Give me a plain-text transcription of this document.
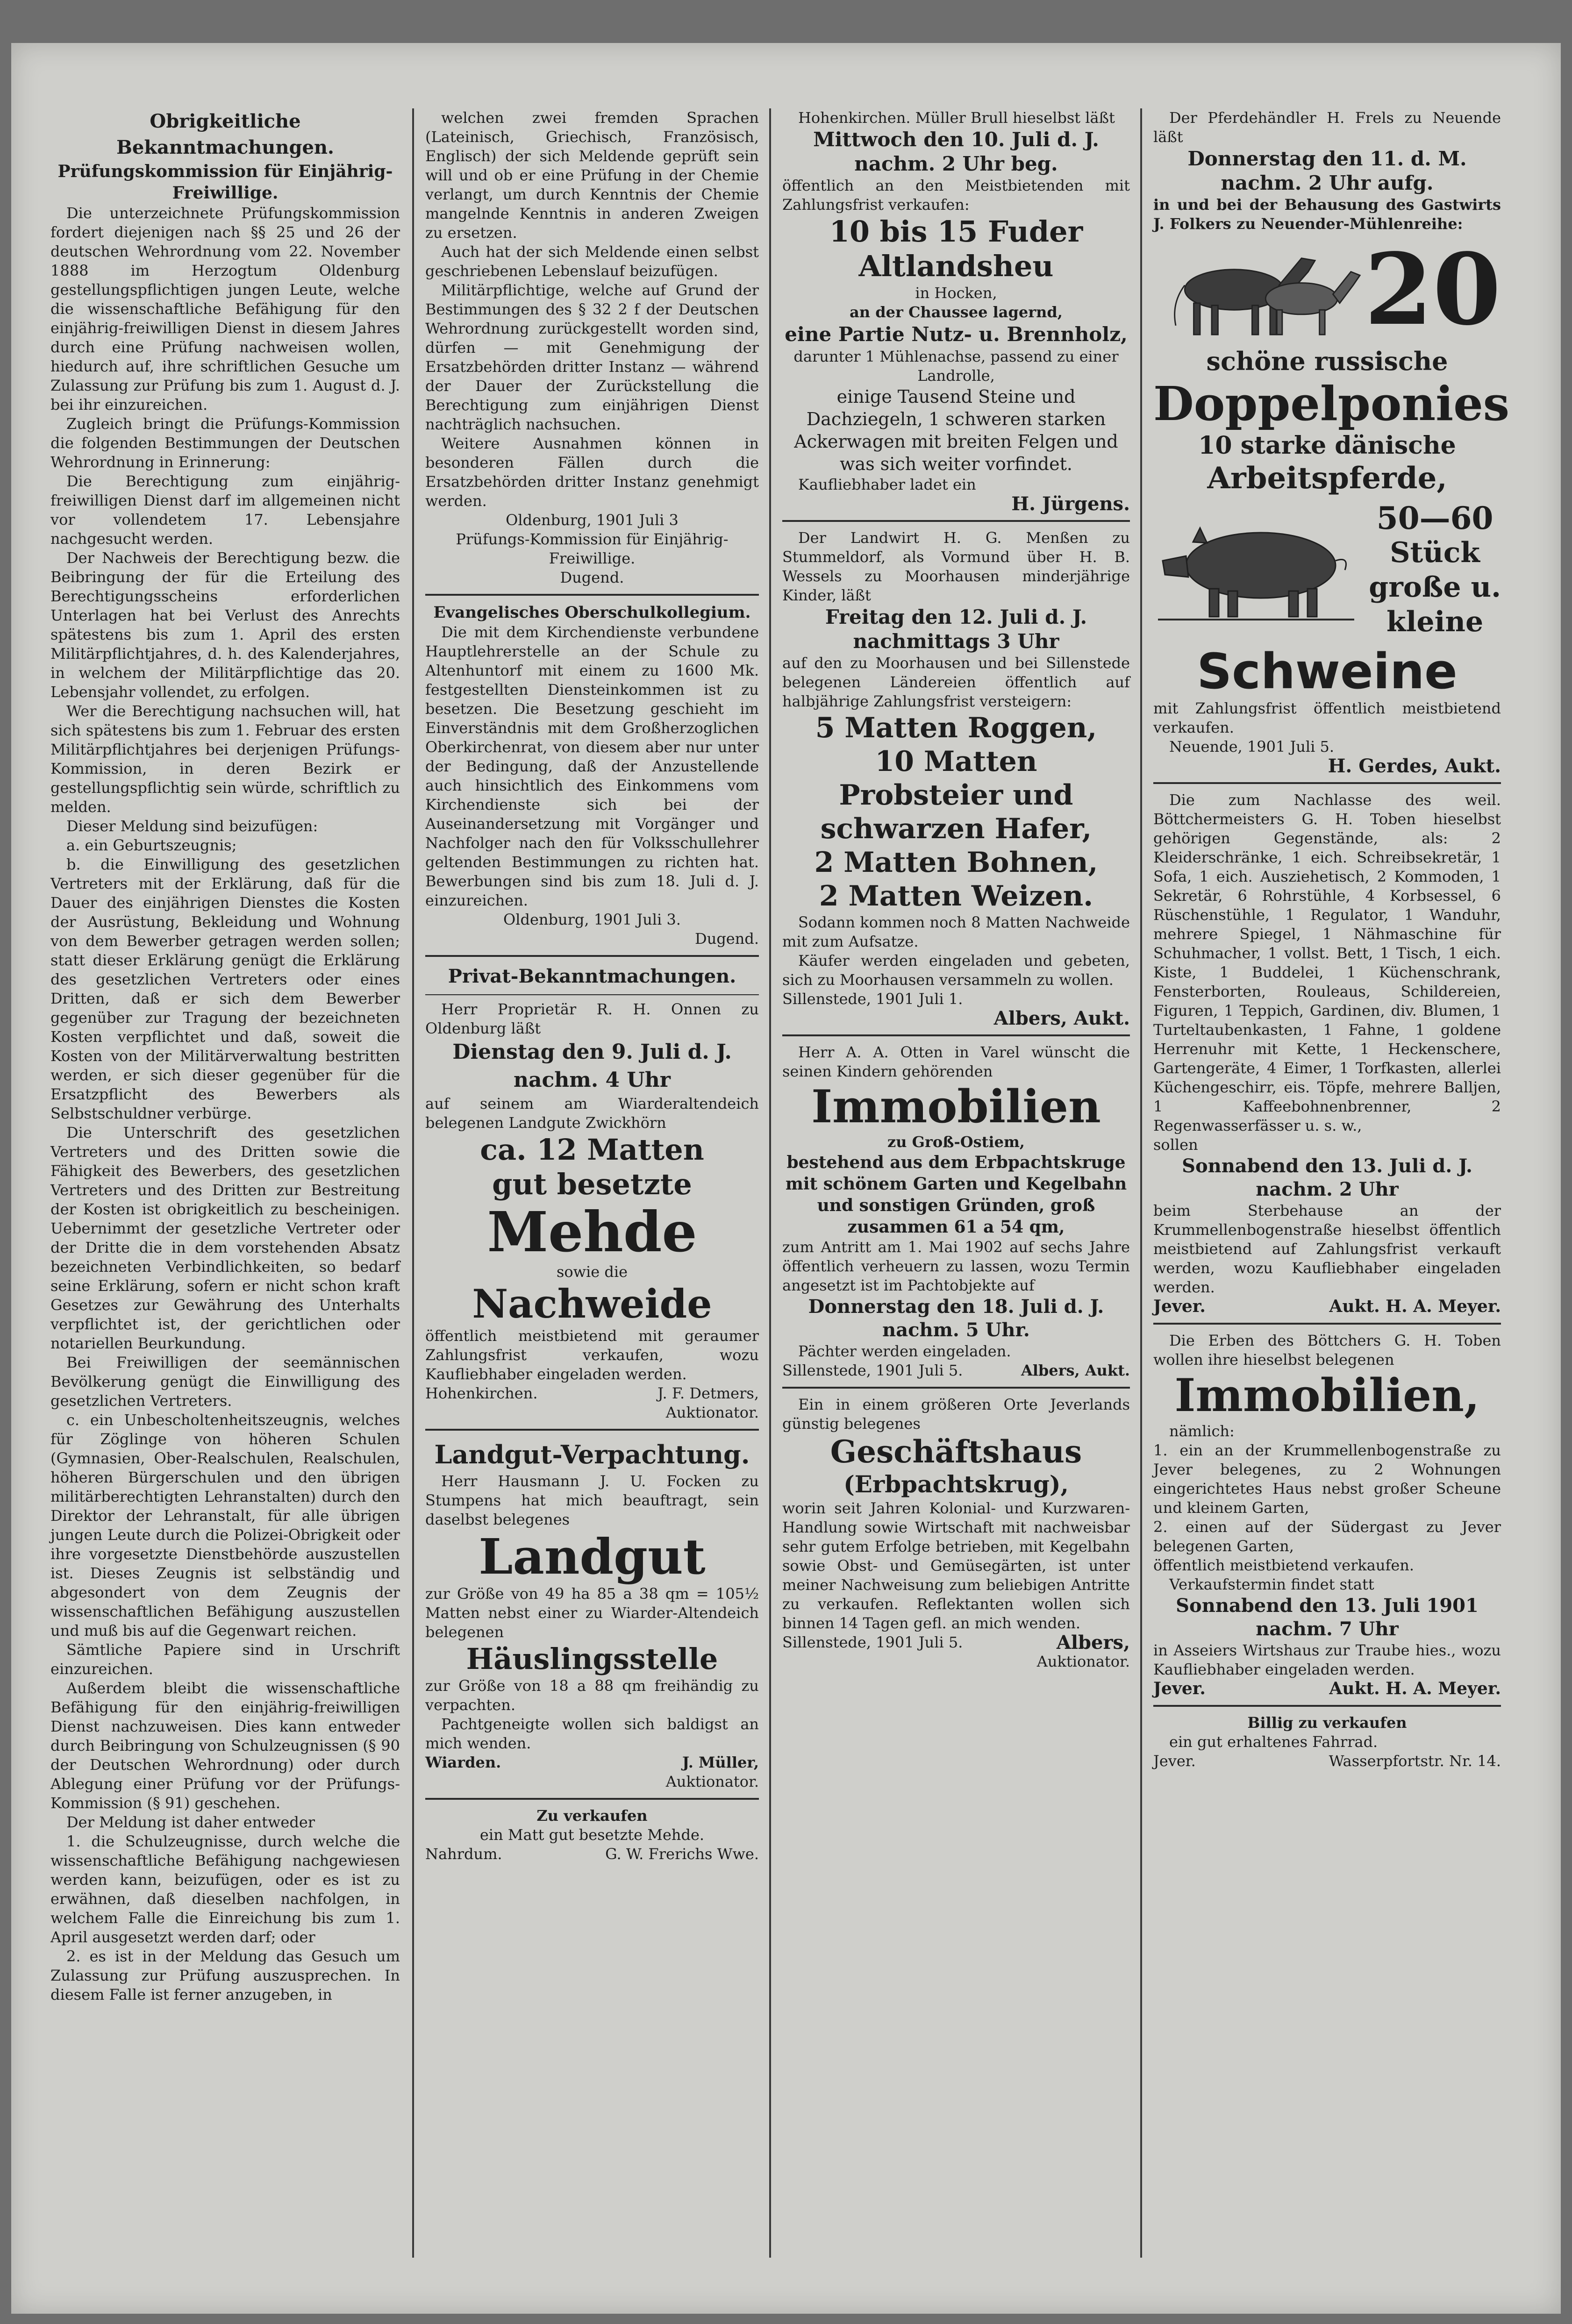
Obrigkeitliche Bekanntmachungen.

Prüfungskommission für Einjährig-Freiwillige.

Die unterzeichnete Prüfungskommission fordert diejenigen nach §§ 25 und 26 der deutschen Wehrordnung vom 22. November 1888 im Herzogtum Oldenburg gestellungspflichtigen jungen Leute, welche die wissenschaftliche Befähigung für den einjährig-freiwilligen Dienst in diesem Jahres durch eine Prüfung nachweisen wollen, hiedurch auf, ihre schriftlichen Gesuche um Zulassung zur Prüfung bis zum 1. August d. J. bei ihr einzureichen.

Zugleich bringt die Prüfungs-Kommission die folgenden Bestimmungen der Deutschen Wehrordnung in Erinnerung:

Die Berechtigung zum einjährig-freiwilligen Dienst darf im allgemeinen nicht vor vollendetem 17. Lebensjahre nachgesucht werden.

Der Nachweis der Berechtigung bezw. die Beibringung der für die Erteilung des Berechtigungsscheins erforderlichen Unterlagen hat bei Verlust des Anrechts spätestens bis zum 1. April des ersten Militärpflichtjahres, d. h. des Kalenderjahres, in welchem der Militärpflichtige das 20. Lebensjahr vollendet, zu erfolgen.

Wer die Berechtigung nachsuchen will, hat sich spätestens bis zum 1. Februar des ersten Militärpflichtjahres bei derjenigen Prüfungs-Kommission, in deren Bezirk er gestellungspflichtig sein würde, schriftlich zu melden.

Dieser Meldung sind beizufügen:

a. ein Geburtszeugnis;

b. die Einwilligung des gesetzlichen Vertreters mit der Erklärung, daß für die Dauer des einjährigen Dienstes die Kosten der Ausrüstung, Bekleidung und Wohnung von dem Bewerber getragen werden sollen; statt dieser Erklärung genügt die Erklärung des gesetzlichen Vertreters oder eines Dritten, daß er sich dem Bewerber gegenüber zur Tragung der bezeichneten Kosten verpflichtet und daß, soweit die Kosten von der Militärverwaltung bestritten werden, er sich dieser gegenüber für die Ersatzpflicht des Bewerbers als Selbstschuldner verbürge.

Die Unterschrift des gesetzlichen Vertreters und des Dritten sowie die Fähigkeit des Bewerbers, des gesetzlichen Vertreters und des Dritten zur Bestreitung der Kosten ist obrigkeitlich zu bescheinigen. Uebernimmt der gesetzliche Vertreter oder der Dritte die in dem vorstehenden Absatz bezeichneten Verbindlichkeiten, so bedarf seine Erklärung, sofern er nicht schon kraft Gesetzes zur Gewährung des Unterhalts verpflichtet ist, der gerichtlichen oder notariellen Beurkundung.

Bei Freiwilligen der seemännischen Bevölkerung genügt die Einwilligung des gesetzlichen Vertreters.

c. ein Unbescholtenheitszeugnis, welches für Zöglinge von höheren Schulen (Gymnasien, Ober-Realschulen, Realschulen, höheren Bürgerschulen und den übrigen militärberechtigten Lehranstalten) durch den Direktor der Lehranstalt, für alle übrigen jungen Leute durch die Polizei-Obrigkeit oder ihre vorgesetzte Dienstbehörde auszustellen ist. Dieses Zeugnis ist selbständig und abgesondert von dem Zeugnis der wissenschaftlichen Befähigung auszustellen und muß bis auf die Gegenwart reichen.

Sämtliche Papiere sind in Urschrift einzureichen.

Außerdem bleibt die wissenschaftliche Befähigung für den einjährig-freiwilligen Dienst nachzuweisen. Dies kann entweder durch Beibringung von Schulzeugnissen (§ 90 der Deutschen Wehrordnung) oder durch Ablegung einer Prüfung vor der Prüfungs-Kommission (§ 91) geschehen.

Der Meldung ist daher entweder

1. die Schulzeugnisse, durch welche die wissenschaftliche Befähigung nachgewiesen werden kann, beizufügen, oder es ist zu erwähnen, daß dieselben nachfolgen, in welchem Falle die Einreichung bis zum 1. April ausgesetzt werden darf; oder

2. es ist in der Meldung das Gesuch um Zulassung zur Prüfung auszusprechen. In diesem Falle ist ferner anzugeben, in

welchen zwei fremden Sprachen (Lateinisch, Griechisch, Französisch, Englisch) der sich Meldende geprüft sein will und ob er eine Prüfung in der Chemie verlangt, um durch Kenntnis der Chemie mangelnde Kenntnis in anderen Zweigen zu ersetzen.

Auch hat der sich Meldende einen selbst geschriebenen Lebenslauf beizufügen.

Militärpflichtige, welche auf Grund der Bestimmungen des § 32 2 f der Deutschen Wehrordnung zurückgestellt worden sind, dürfen — mit Genehmigung der Ersatzbehörden dritter Instanz — während der Dauer der Zurückstellung die Berechtigung zum einjährigen Dienst nachträglich nachsuchen.

Weitere Ausnahmen können in besonderen Fällen durch die Ersatzbehörden dritter Instanz genehmigt werden.

Oldenburg, 1901 Juli 3

Prüfungs-Kommission für Einjährig-Freiwillige.

Dugend.

Evangelisches Oberschulkollegium.

Die mit dem Kirchendienste verbundene Hauptlehrerstelle an der Schule zu Altenhuntorf mit einem zu 1600 Mk. festgestellten Diensteinkommen ist zu besetzen. Die Besetzung geschieht im Einverständnis mit dem Großherzoglichen Oberkirchenrat, von diesem aber nur unter der Bedingung, daß der Anzustellende auch hinsichtlich des Einkommens vom Kirchendienste sich bei der Auseinandersetzung mit Vorgänger und Nachfolger nach den für Volksschullehrer geltenden Bestimmungen zu richten hat. Bewerbungen sind bis zum 18. Juli d. J. einzureichen.

Oldenburg, 1901 Juli 3.

Dugend.

Privat-Bekanntmachungen.

Herr Proprietär R. H. Onnen zu Oldenburg läßt

Dienstag den 9. Juli d. J.

nachm. 4 Uhr

auf seinem am Wiarderaltendeich belegenen Landgute Zwickhörn

ca. 12 Matten

gut besetzte

Mehde

sowie die

Nachweide

öffentlich meistbietend mit geraumer Zahlungsfrist verkaufen, wozu Kaufliebhaber eingeladen werden.

Hohenkirchen.	J. F. Detmers,

Auktionator.

Landgut-Verpachtung.

Herr Hausmann J. U. Focken zu Stumpens hat mich beauftragt, sein daselbst belegenes

Landgut

zur Größe von 49 ha 85 a 38 qm = 105½ Matten nebst einer zu Wiarder-Altendeich belegenen

Häuslingsstelle

zur Größe von 18 a 88 qm freihändig zu verpachten.

Pachtgeneigte wollen sich baldigst an mich wenden.

Wiarden.	J. Müller,

Auktionator.

Zu verkaufen

ein Matt gut besetzte Mehde.

Nahrdum.	G. W. Frerichs Wwe.

Hohenkirchen. Müller Brull hieselbst läßt

Mittwoch den 10. Juli d. J.

nachm. 2 Uhr beg.

öffentlich an den Meistbietenden mit Zahlungsfrist verkaufen:

10 bis 15 Fuder

Altlandsheu

in Hocken,

an der Chaussee lagernd,

eine Partie Nutz- u. Brennholz,

darunter 1 Mühlenachse, passend zu einer Landrolle,

einige Tausend Steine und Dachziegeln, 1 schweren starken Ackerwagen mit breiten Felgen und was sich weiter vorfindet.

Kaufliebhaber ladet ein

H. Jürgens.

Der Landwirt H. G. Menßen zu Stummeldorf, als Vormund über H. B. Wessels zu Moorhausen minderjährige Kinder, läßt

Freitag den 12. Juli d. J.

nachmittags 3 Uhr

auf den zu Moorhausen und bei Sillenstede belegenen Ländereien öffentlich auf halbjährige Zahlungsfrist versteigern:

5 Matten Roggen,

10 Matten

Probsteier und

schwarzen Hafer,

2 Matten Bohnen,

2 Matten Weizen.

Sodann kommen noch 8 Matten Nachweide mit zum Aufsatze.

Käufer werden eingeladen und gebeten, sich zu Moorhausen versammeln zu wollen.

Sillenstede, 1901 Juli 1.

Albers, Aukt.

Herr A. A. Otten in Varel wünscht die seinen Kindern gehörenden

Immobilien

zu Groß-Ostiem,

bestehend aus dem Erbpachtskruge mit schönem Garten und Kegelbahn und sonstigen Gründen, groß zusammen 61 a 54 qm,

zum Antritt am 1. Mai 1902 auf sechs Jahre öffentlich verheuern zu lassen, wozu Termin angesetzt ist im Pachtobjekte auf

Donnerstag den 18. Juli d. J.

nachm. 5 Uhr.

Pächter werden eingeladen.

Sillenstede, 1901 Juli 5.	Albers, Aukt.

Ein in einem größeren Orte Jeverlands günstig belegenes

Geschäftshaus

(Erbpachtskrug),

worin seit Jahren Kolonial- und Kurzwaren-Handlung sowie Wirtschaft mit nachweisbar sehr gutem Erfolge betrieben, mit Kegelbahn sowie Obst- und Gemüsegärten, ist unter meiner Nachweisung zum beliebigen Antritte zu verkaufen. Reflektanten wollen sich binnen 14 Tagen gefl. an mich wenden.

Sillenstede, 1901 Juli 5.	Albers,

Auktionator.

Der Pferdehändler H. Frels zu Neuende läßt

Donnerstag den 11. d. M.

nachm. 2 Uhr aufg.

in und bei der Behausung des Gastwirts J. Folkers zu Neuender-Mühlenreihe:

20

schöne russische

Doppelponies

10 starke dänische

Arbeitspferde,

50—60
Stück
große u.
kleine

Schweine

mit Zahlungsfrist öffentlich meistbietend verkaufen.

Neuende, 1901 Juli 5.

H. Gerdes, Aukt.

Die zum Nachlasse des weil. Böttchermeisters G. H. Toben hieselbst gehörigen Gegenstände, als: 2 Kleiderschränke, 1 eich. Schreibsekretär, 1 Sofa, 1 eich. Ausziehetisch, 2 Kommoden, 1 Sekretär, 6 Rohrstühle, 4 Korbsessel, 6 Rüschenstühle, 1 Regulator, 1 Wanduhr, mehrere Spiegel, 1 Nähmaschine für Schuhmacher, 1 vollst. Bett, 1 Tisch, 1 eich. Kiste, 1 Buddelei, 1 Küchenschrank, Fensterborten, Rouleaus, Schildereien, Figuren, 1 Teppich, Gardinen, div. Blumen, 1 Turteltaubenkasten, 1 Fahne, 1 goldene Herrenuhr mit Kette, 1 Heckenschere, Gartengeräte, 4 Eimer, 1 Torfkasten, allerlei Küchengeschirr, eis. Töpfe, mehrere Balljen, 1 Kaffeebohnenbrenner, 2 Regenwasserfässer u. s. w.,

sollen

Sonnabend den 13. Juli d. J.

nachm. 2 Uhr

beim Sterbehause an der Krummellenbogenstraße hieselbst öffentlich meistbietend auf Zahlungsfrist verkauft werden, wozu Kaufliebhaber eingeladen werden.

Jever.	Aukt. H. A. Meyer.

Die Erben des Böttchers G. H. Toben wollen ihre hieselbst belegenen

Immobilien,

nämlich:

1. ein an der Krummellenbogenstraße zu Jever belegenes, zu 2 Wohnungen eingerichtetes Haus nebst großer Scheune und kleinem Garten,

2. einen auf der Südergast zu Jever belegenen Garten,

öffentlich meistbietend verkaufen.

Verkaufstermin findet statt

Sonnabend den 13. Juli 1901

nachm. 7 Uhr

in Asseiers Wirtshaus zur Traube hies., wozu Kaufliebhaber eingeladen werden.

Jever.	Aukt. H. A. Meyer.

Billig zu verkaufen

ein gut erhaltenes Fahrrad.

Jever.	Wasserpfortstr. Nr. 14.
